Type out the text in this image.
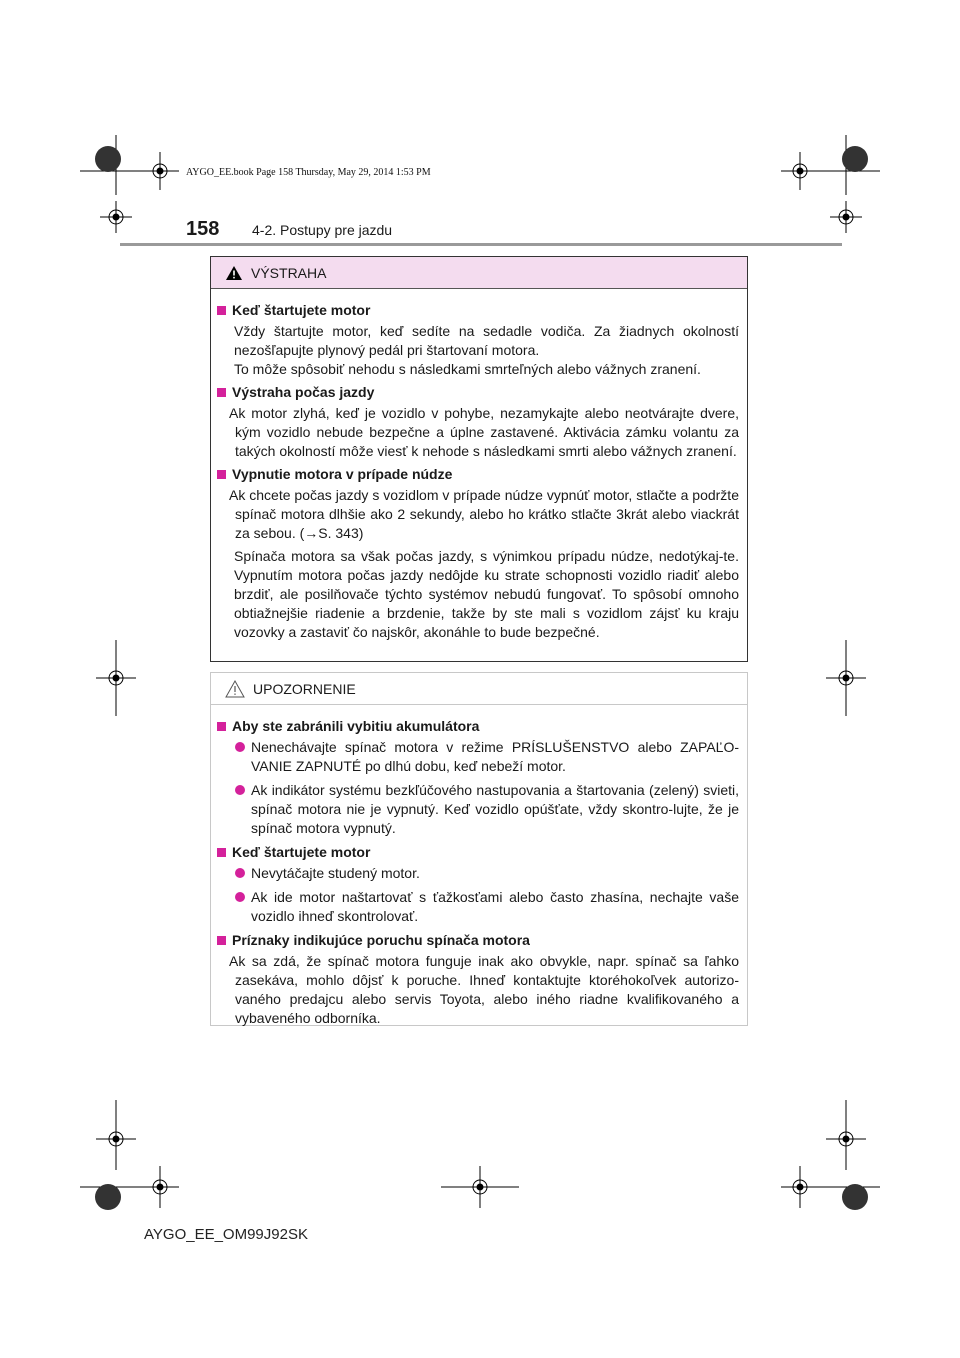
AYGO_EE.book Page 158 Thursday, May 29, 2014 1:53 PM
158 4-2. Postupy pre jazdu
VÝSTRAHA
Keď štartujete motor
Vždy štartujte motor, keď sedíte na sedadle vodiča. Za žiadnych okolností nezošľapujte plynový pedál pri štartovaní motora.
To môže spôsobiť nehodu s následkami smrteľných alebo vážnych zranení.
Výstraha počas jazdy
Ak motor zlyhá, keď je vozidlo v pohybe, nezamykajte alebo neotvárajte dvere, kým vozidlo nebude bezpečne a úplne zastavené. Aktivácia zámku volantu za takých okolností môže viesť k nehode s následkami smrti alebo vážnych zranení.
Vypnutie motora v prípade núdze
Ak chcete počas jazdy s vozidlom v prípade núdze vypnúť motor, stlačte a podržte spínač motora dlhšie ako 2 sekundy, alebo ho krátko stlačte 3krát alebo viackrát za sebou. (→S. 343)
Spínača motora sa však počas jazdy, s výnimkou prípadu núdze, nedotýkaj-te. Vypnutím motora počas jazdy nedôjde ku strate schopnosti vozidlo riadiť alebo brzdiť, ale posilňovače týchto systémov nebudú fungovať. To spôsobí omnoho obtiažnejšie riadenie a brzdenie, takže by ste mali s vozidlom zájsť ku kraju vozovky a zastaviť čo najskôr, akonáhle to bude bezpečné.
UPOZORNENIE
Aby ste zabránili vybitiu akumulátora
Nenechávajte spínač motora v režime PRÍSLUŠENSTVO alebo ZAPAĽO-VANIE ZAPNUTÉ po dlhú dobu, keď nebeží motor.
Ak indikátor systému bezkľúčového nastupovania a štartovania (zelený) svieti, spínač motora nie je vypnutý. Keď vozidlo opúšťate, vždy skontro-lujte, že je spínač motora vypnutý.
Keď štartujete motor
Nevytáčajte studený motor.
Ak ide motor naštartovať s ťažkosťami alebo často zhasína, nechajte vaše vozidlo ihneď skontrolovať.
Príznaky indikujúce poruchu spínača motora
Ak sa zdá, že spínač motora funguje inak ako obvykle, napr. spínač sa ľahko zasekáva, mohlo dôjsť k poruche. Ihneď kontaktujte ktoréhokoľvek autorizo-vaného predajcu alebo servis Toyota, alebo iného riadne kvalifikovaného a vybaveného odborníka.
AYGO_EE_OM99J92SK
